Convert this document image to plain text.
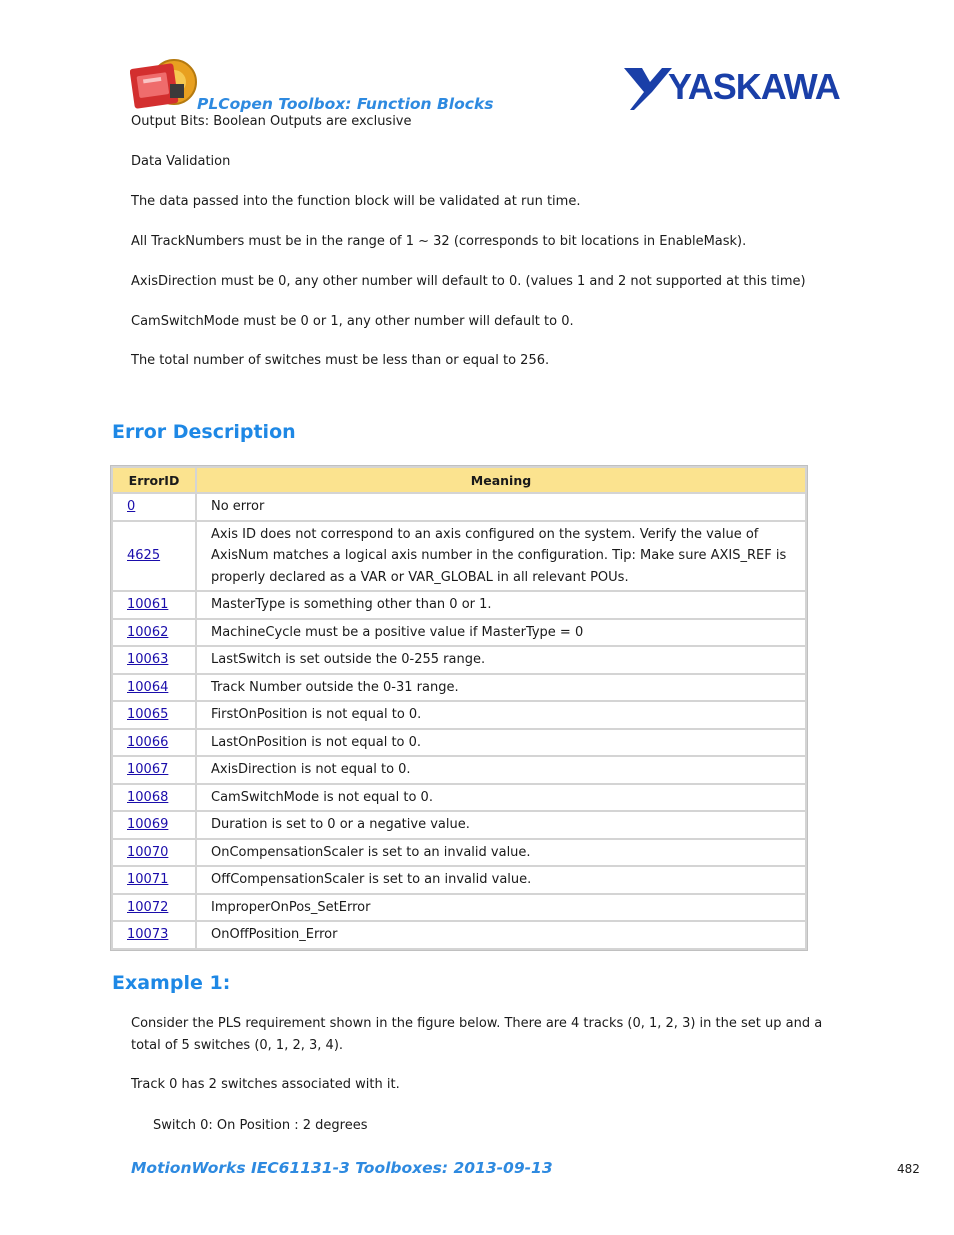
PLCopen Toolbox: Function Blocks	YASKAWA
Output Bits: Boolean Outputs are exclusive
Data Validation
The data passed into the function block will be validated at run time.
All TrackNumbers must be in the range of 1 ~ 32 (corresponds to bit locations in EnableMask).
AxisDirection must be 0, any other number will default to 0. (values 1 and 2 not supported at this time)
CamSwitchMode must be 0 or 1, any other number will default to 0.
The total number of switches must be less than or equal to 256.
Error Description
ErrorID	Meaning
0	No error
4625	Axis ID does not correspond to an axis configured on the system. Verify the value of AxisNum matches a logical axis number in the configuration. Tip: Make sure AXIS_REF is properly declared as a VAR or VAR_GLOBAL in all relevant POUs.
10061	MasterType is something other than 0 or 1.
10062	MachineCycle must be a positive value if MasterType = 0
10063	LastSwitch is set outside the 0-255 range.
10064	Track Number outside the 0-31 range.
10065	FirstOnPosition is not equal to 0.
10066	LastOnPosition is not equal to 0.
10067	AxisDirection is not equal to 0.
10068	CamSwitchMode is not equal to 0.
10069	Duration is set to 0 or a negative value.
10070	OnCompensationScaler is set to an invalid value.
10071	OffCompensationScaler is set to an invalid value.
10072	ImproperOnPos_SetError
10073	OnOffPosition_Error
Example 1:
Consider the PLS requirement shown in the figure below. There are 4 tracks (0, 1, 2, 3) in the set up and a total of 5 switches (0, 1, 2, 3, 4).
Track 0 has 2 switches associated with it.
Switch 0: On Position : 2 degrees
MotionWorks IEC61131-3 Toolboxes: 2013-09-13	482
